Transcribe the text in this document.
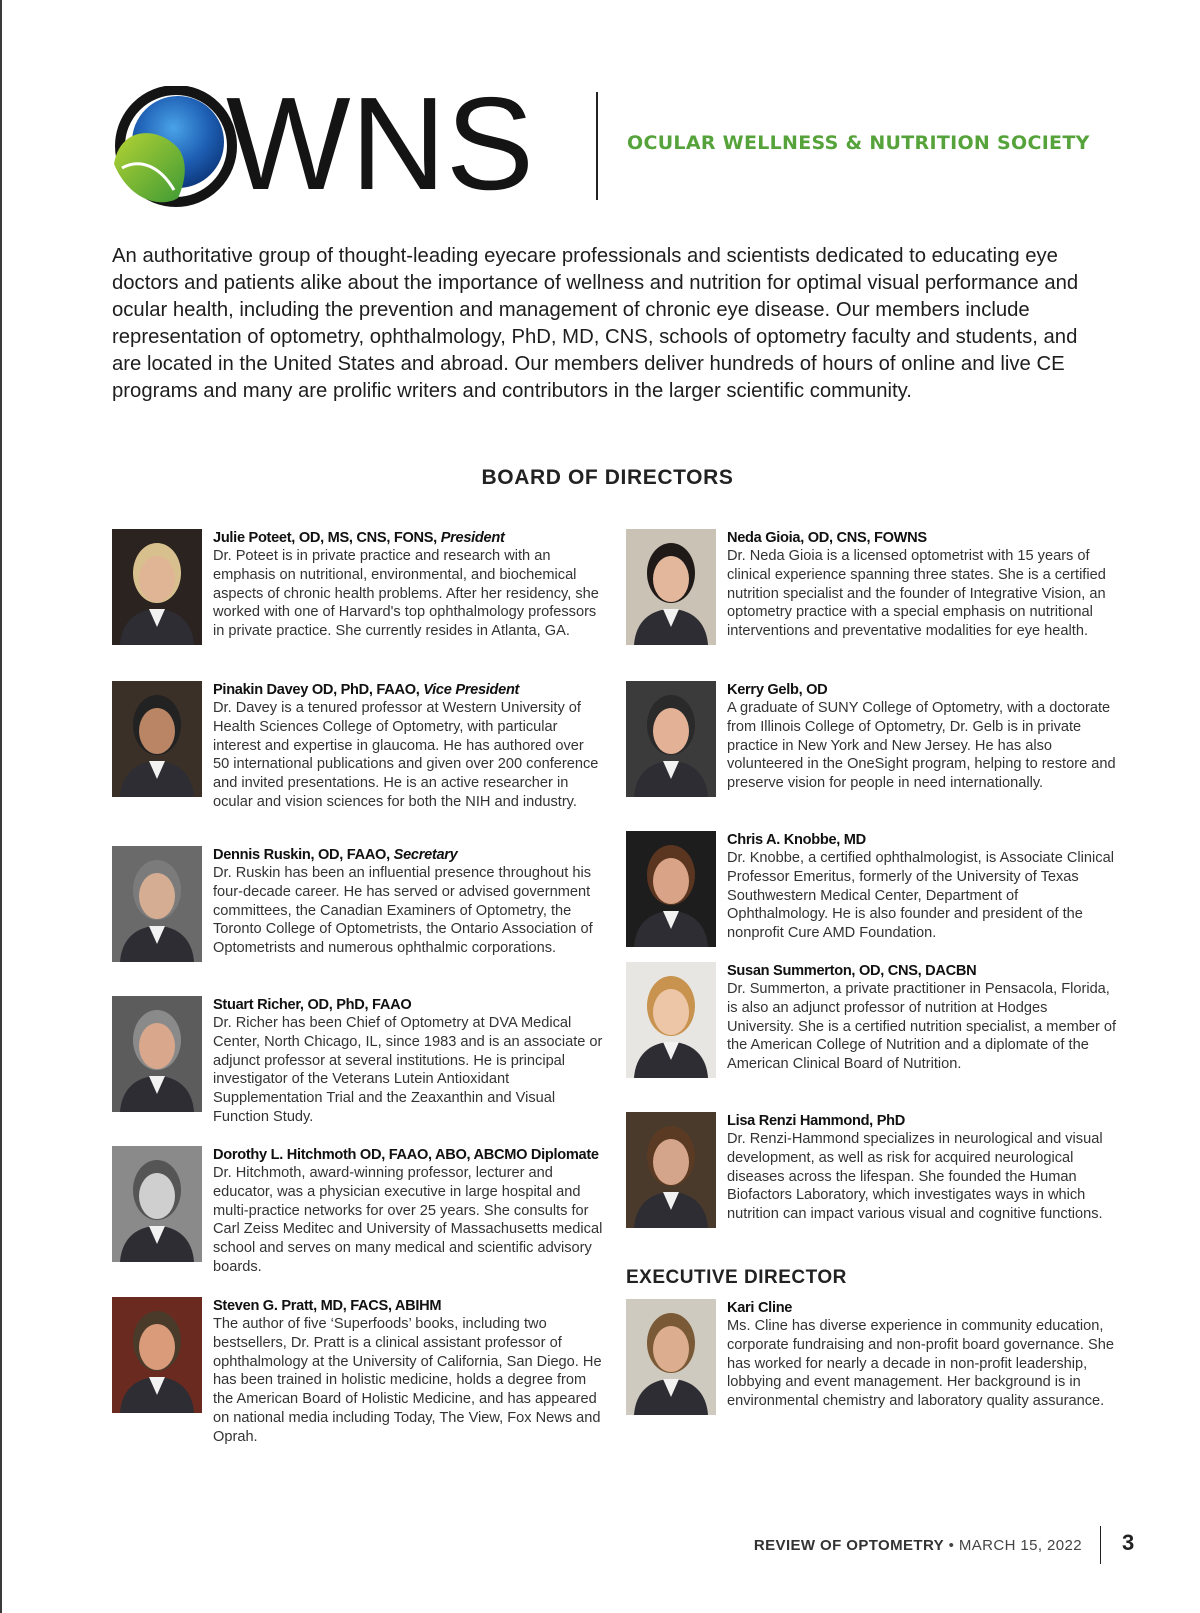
WNS	OCULAR WELLNESS & NUTRITION SOCIETY
An authoritative group of thought-leading eyecare professionals and scientists dedicated to educating eye doctors and patients alike about the importance of wellness and nutrition for optimal visual performance and ocular health, including the prevention and management of chronic eye disease. Our members include representation of optometry, ophthalmology, PhD, MD, CNS, schools of optometry faculty and students, and are located in the United States and abroad. Our members deliver hundreds of hours of online and live CE programs and many are prolific writers and contributors in the larger scientific community.
BOARD OF DIRECTORS
Julie Poteet, OD, MS, CNS, FONS, President
Dr. Poteet is in private practice and research with an emphasis on nutritional, environmental, and biochemical aspects of chronic health problems. After her residency, she worked with one of Harvard's top ophthalmology professors in private practice. She currently resides in Atlanta, GA.
Pinakin Davey OD, PhD, FAAO, Vice President
Dr. Davey is a tenured professor at Western University of Health Sciences College of Optometry, with particular interest and expertise in glaucoma. He has authored over 50 international publications and given over 200 conference and invited presentations. He is an active researcher in ocular and vision sciences for both the NIH and industry.
Dennis Ruskin, OD, FAAO, Secretary
Dr. Ruskin has been an influential presence throughout his four-decade career. He has served or advised government committees, the Canadian Examiners of Optometry, the Toronto College of Optometrists, the Ontario Association of Optometrists and numerous ophthalmic corporations.
Stuart Richer, OD, PhD, FAAO
Dr. Richer has been Chief of Optometry at DVA Medical Center, North Chicago, IL, since 1983 and is an associate or adjunct professor at several institutions. He is principal investigator of the Veterans Lutein Antioxidant Supplementation Trial and the Zeaxanthin and Visual Function Study.
Dorothy L. Hitchmoth OD, FAAO, ABO, ABCMO Diplomate
Dr. Hitchmoth, award-winning professor, lecturer and educator, was a physician executive in large hospital and multi-practice networks for over 25 years. She consults for Carl Zeiss Meditec and University of Massachusetts medical school and serves on many medical and scientific advisory boards.
Steven G. Pratt, MD, FACS, ABIHM
The author of five ‘Superfoods’ books, including two bestsellers, Dr. Pratt is a clinical assistant professor of ophthalmology at the University of California, San Diego. He has been trained in holistic medicine, holds a degree from the American Board of Holistic Medicine, and has appeared on national media including Today, The View, Fox News and Oprah.
Neda Gioia, OD, CNS, FOWNS
Dr. Neda Gioia is a licensed optometrist with 15 years of clinical experience spanning three states. She is a certified nutrition specialist and the founder of Integrative Vision, an optometry practice with a special emphasis on nutritional interventions and preventative modalities for eye health.
Kerry Gelb, OD
A graduate of SUNY College of Optometry, with a doctorate from Illinois College of Optometry, Dr. Gelb is in private practice in New York and New Jersey. He has also volunteered in the OneSight program, helping to restore and preserve vision for people in need internationally.
Chris A. Knobbe, MD
Dr. Knobbe, a certified ophthalmologist, is Associate Clinical Professor Emeritus, formerly of the University of Texas Southwestern Medical Center, Department of Ophthalmology. He is also founder and president of the nonprofit Cure AMD Foundation.
Susan Summerton, OD, CNS, DACBN
Dr. Summerton, a private practitioner in Pensacola, Florida, is also an adjunct professor of nutrition at Hodges University. She is a certified nutrition specialist, a member of the American College of Nutrition and a diplomate of the American Clinical Board of Nutrition.
Lisa Renzi Hammond, PhD
Dr. Renzi-Hammond specializes in neurological and visual development, as well as risk for acquired neurological diseases across the lifespan. She founded the Human Biofactors Laboratory, which investigates ways in which nutrition can impact various visual and cognitive functions.
EXECUTIVE DIRECTOR
Kari Cline
Ms. Cline has diverse experience in community education, corporate fundraising and non-profit board governance. She has worked for nearly a decade in non-profit leadership, lobbying and event management. Her background is in environmental chemistry and laboratory quality assurance.
REVIEW OF OPTOMETRY • MARCH 15, 2022 3
